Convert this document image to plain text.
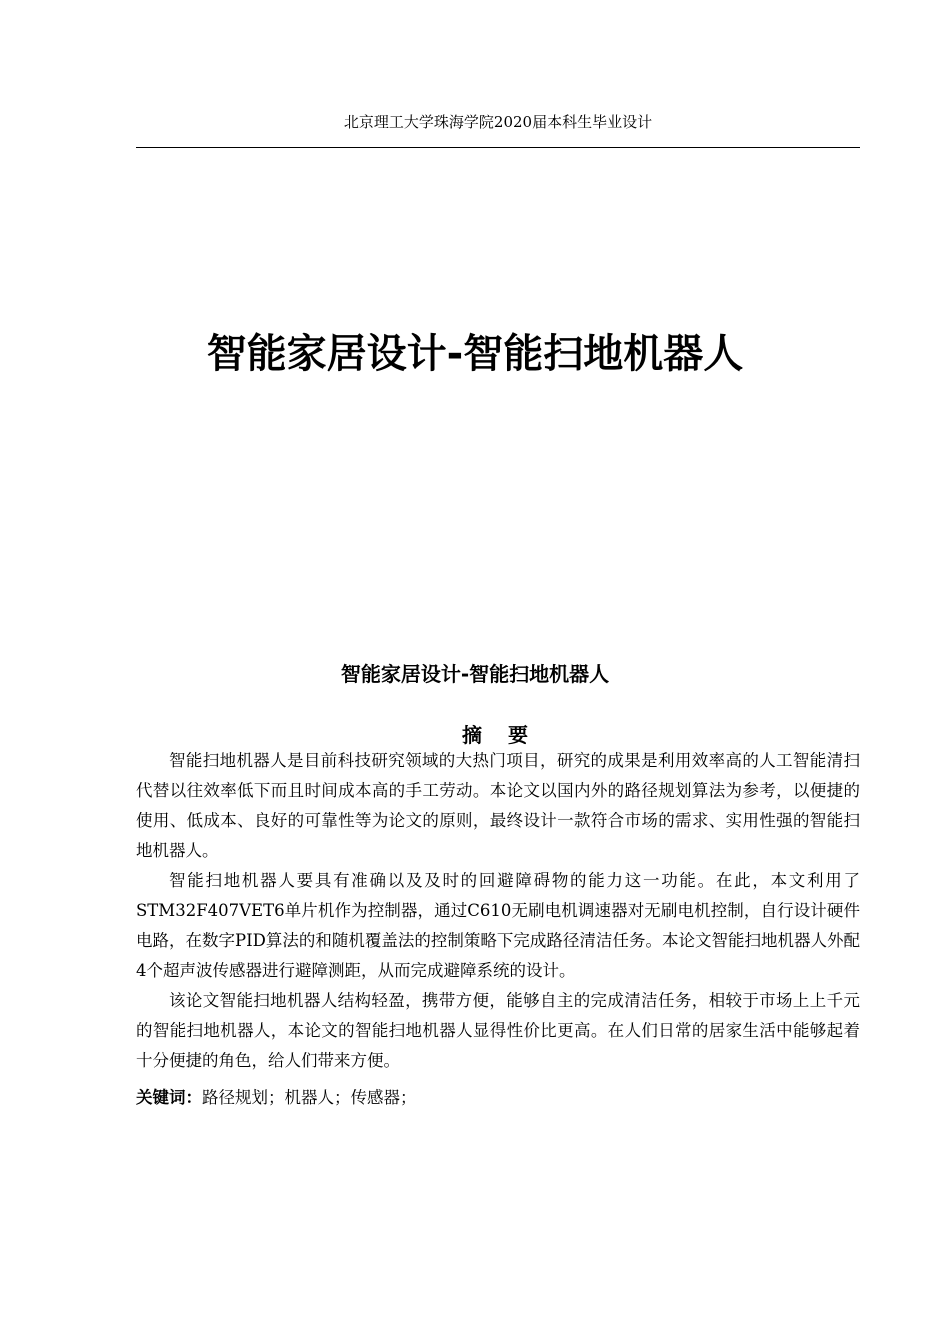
北京理工大学珠海学院2020届本科生毕业设计
智能家居设计-智能扫地机器人
智能家居设计-智能扫地机器人
摘 要

智能扫地机器人是目前科技研究领域的大热门项目，研究的成果是利用效率高的人工智能清扫代替以往效率低下而且时间成本高的手工劳动。本论文以国内外的路径规划算法为参考，以便捷的使用、低成本、良好的可靠性等为论文的原则，最终设计一款符合市场的需求、实用性强的智能扫地机器人。

智能扫地机器人要具有准确以及及时的回避障碍物的能力这一功能。在此，本文利用了STM32F407VET6单片机作为控制器，通过C610无刷电机调速器对无刷电机控制，自行设计硬件电路，在数字PID算法的和随机覆盖法的控制策略下完成路径清洁任务。本论文智能扫地机器人外配4个超声波传感器进行避障测距，从而完成避障系统的设计。

该论文智能扫地机器人结构轻盈，携带方便，能够自主的完成清洁任务，相较于市场上上千元的智能扫地机器人，本论文的智能扫地机器人显得性价比更高。在人们日常的居家生活中能够起着十分便捷的角色，给人们带来方便。

关键词：路径规划；机器人；传感器；
